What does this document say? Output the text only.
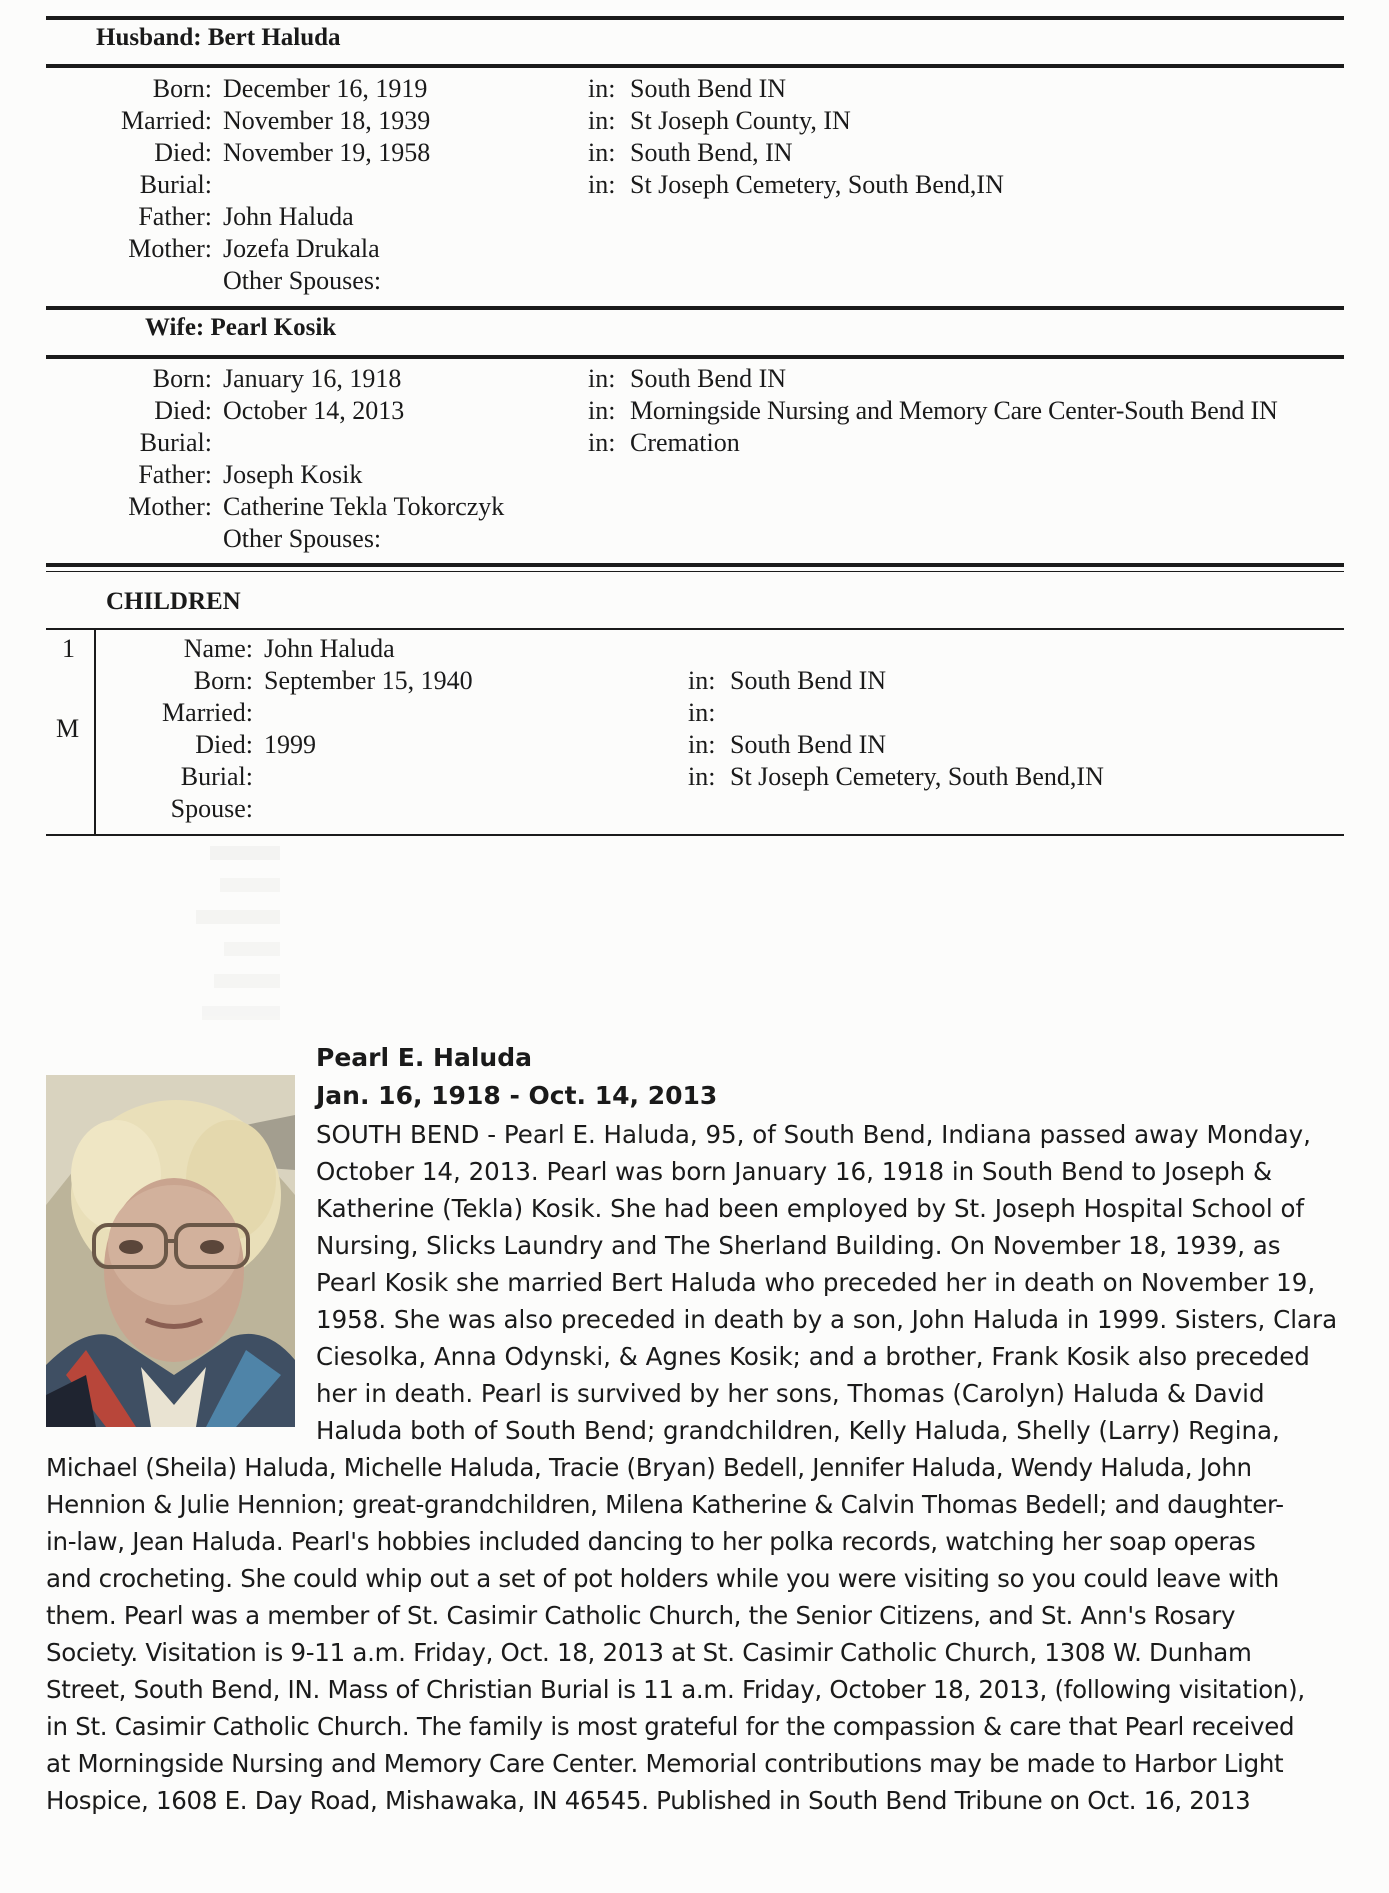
Husband: Bert Haluda
Born: December 16, 1919	in: South Bend IN
Married: November 18, 1939	in: St Joseph County, IN
Died: November 19, 1958	in: South Bend, IN
Burial:	in: St Joseph Cemetery, South Bend,IN
Father: John Haluda
Mother: Jozefa Drukala
Other Spouses:
Wife: Pearl Kosik
Born: January 16, 1918	in: South Bend IN
Died: October 14, 2013	in: Morningside Nursing and Memory Care Center-South Bend IN
Burial:	in: Cremation
Father: Joseph Kosik
Mother: Catherine Tekla Tokorczyk
Other Spouses:
CHILDREN
1
M
Name: John Haluda
Born: September 15, 1940	in: South Bend IN
Married:	in:
Died: 1999	in: South Bend IN
Burial:	in: St Joseph Cemetery, South Bend,IN
Spouse:
Pearl E. Haluda
Jan. 16, 1918 - Oct. 14, 2013
SOUTH BEND - Pearl E. Haluda, 95, of South Bend, Indiana passed away Monday,
October 14, 2013. Pearl was born January 16, 1918 in South Bend to Joseph &
Katherine (Tekla) Kosik. She had been employed by St. Joseph Hospital School of
Nursing, Slicks Laundry and The Sherland Building. On November 18, 1939, as
Pearl Kosik she married Bert Haluda who preceded her in death on November 19,
1958. She was also preceded in death by a son, John Haluda in 1999. Sisters, Clara
Ciesolka, Anna Odynski, & Agnes Kosik; and a brother, Frank Kosik also preceded
her in death. Pearl is survived by her sons, Thomas (Carolyn) Haluda & David
Haluda both of South Bend; grandchildren, Kelly Haluda, Shelly (Larry) Regina,
Michael (Sheila) Haluda, Michelle Haluda, Tracie (Bryan) Bedell, Jennifer Haluda, Wendy Haluda, John
Hennion & Julie Hennion; great-grandchildren, Milena Katherine & Calvin Thomas Bedell; and daughter-
in-law, Jean Haluda. Pearl's hobbies included dancing to her polka records, watching her soap operas
and crocheting. She could whip out a set of pot holders while you were visiting so you could leave with
them. Pearl was a member of St. Casimir Catholic Church, the Senior Citizens, and St. Ann's Rosary
Society. Visitation is 9-11 a.m. Friday, Oct. 18, 2013 at St. Casimir Catholic Church, 1308 W. Dunham
Street, South Bend, IN. Mass of Christian Burial is 11 a.m. Friday, October 18, 2013, (following visitation),
in St. Casimir Catholic Church. The family is most grateful for the compassion & care that Pearl received
at Morningside Nursing and Memory Care Center. Memorial contributions may be made to Harbor Light
Hospice, 1608 E. Day Road, Mishawaka, IN 46545. Published in South Bend Tribune on Oct. 16, 2013
